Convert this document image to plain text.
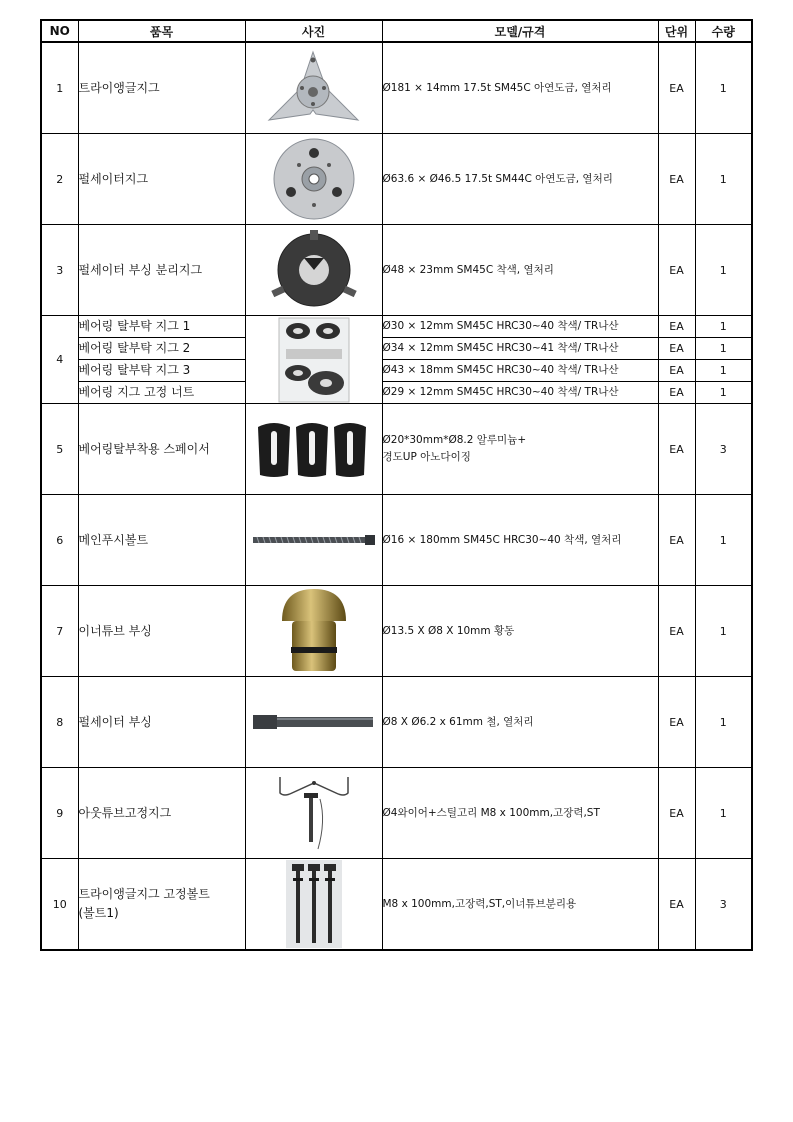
NO	품목	사진	모델/규격	단위	수량
1	트라이앵글지그		Ø181 × 14mm 17.5t SM45C 아연도금, 열처리	EA	1
2	펄세이터지그		Ø63.6 × Ø46.5 17.5t SM44C 아연도금, 열처리	EA	1
3	펄세이터 부싱 분리지그		Ø48 × 23mm SM45C 착색, 열처리	EA	1
4	베어링 탈부탁 지그 1		Ø30 × 12mm SM45C HRC30~40 착색/ TR나산	EA	1
	베어링 탈부탁 지그 2		Ø34 × 12mm SM45C HRC30~41 착색/ TR나산	EA	1
	베어링 탈부탁 지그 3		Ø43 × 18mm SM45C HRC30~40 착색/ TR나산	EA	1
	베어링 지그 고정 너트		Ø29 × 12mm SM45C HRC30~40 착색/ TR나산	EA	1
5	베어링탈부착용 스페이서		Ø20*30mm*Ø8.2 알루미늄+
경도UP 아노다이징	EA	3
6	메인푸시볼트		Ø16 × 180mm SM45C HRC30~40 착색, 열처리	EA	1
7	이너튜브 부싱		Ø13.5 X Ø8 X 10mm 황동	EA	1
8	펄세이터 부싱		Ø8 X Ø6.2 x 61mm 철, 열처리	EA	1
9	아웃튜브고정지그		Ø4와이어+스틸고리 M8 x 100mm,고장력,ST	EA	1
10	트라이앵글지그 고정볼트
(볼트1)		M8 x 100mm,고장력,ST,이너튜브분리용	EA	3
